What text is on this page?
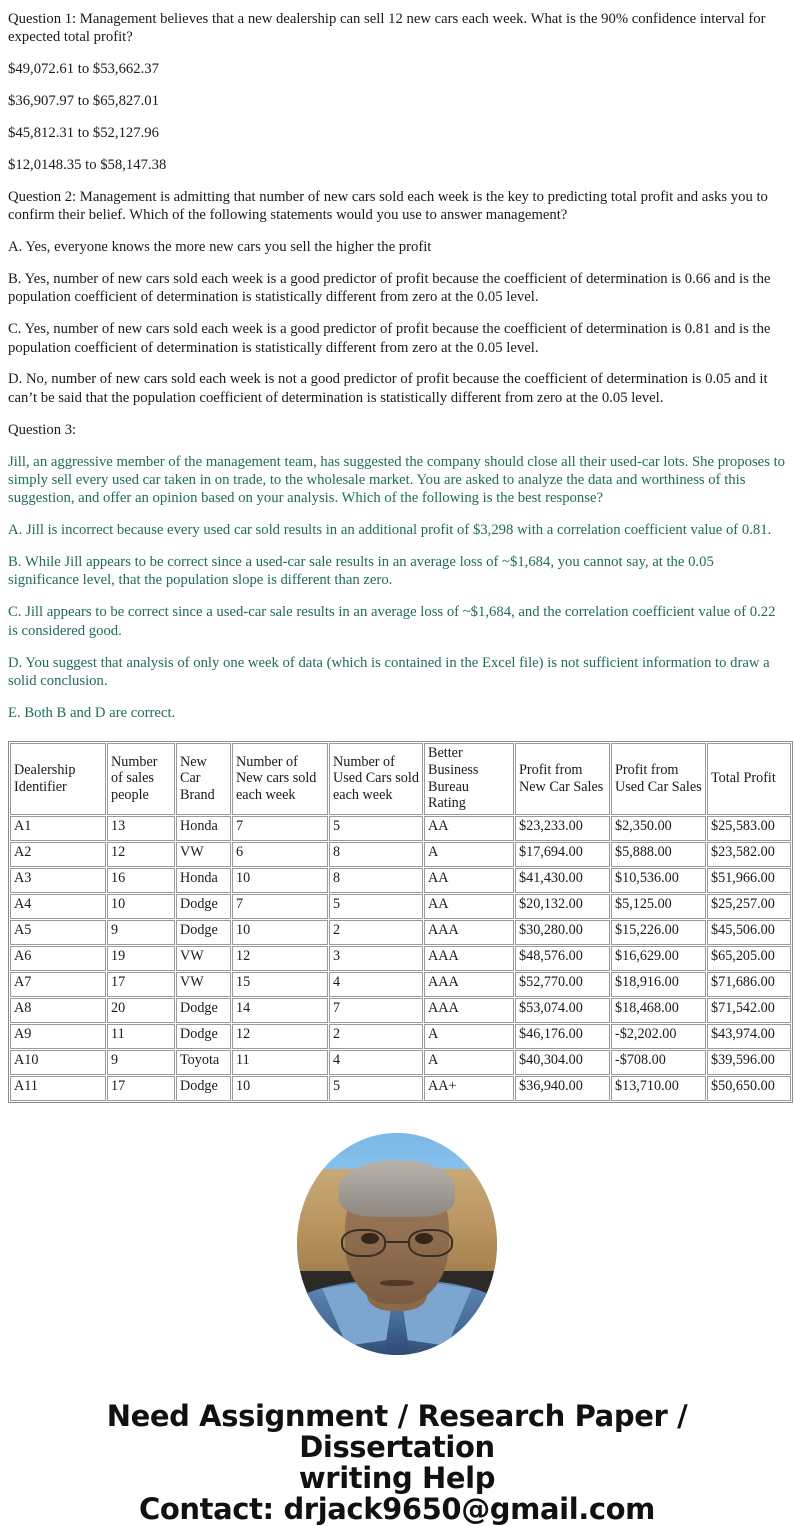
Question 1: Management believes that a new dealership can sell 12 new cars each week. What is the 90% confidence interval for expected total profit?

$49,072.61 to $53,662.37

$36,907.97 to $65,827.01

$45,812.31 to $52,127.96

$12,0148.35 to $58,147.38

Question 2: Management is admitting that number of new cars sold each week is the key to predicting total profit and asks you to confirm their belief. Which of the following statements would you use to answer management?

A. Yes, everyone knows the more new cars you sell the higher the profit

B. Yes, number of new cars sold each week is a good predictor of profit because the coefficient of determination is 0.66 and is the population coefficient of determination is statistically different from zero at the 0.05 level.

C. Yes, number of new cars sold each week is a good predictor of profit because the coefficient of determination is 0.81 and is the population coefficient of determination is statistically different from zero at the 0.05 level.

D. No, number of new cars sold each week is not a good predictor of profit because the coefficient of determination is 0.05 and it can’t be said that the population coefficient of determination is statistically different from zero at the 0.05 level.

Question 3:

Jill, an aggressive member of the management team, has suggested the company should close all their used-car lots. She proposes to simply sell every used car taken in on trade, to the wholesale market. You are asked to analyze the data and worthiness of this suggestion, and offer an opinion based on your analysis. Which of the following is the best response?

A. Jill is incorrect because every used car sold results in an additional profit of $3,298 with a correlation coefficient value of 0.81.

B. While Jill appears to be correct since a used-car sale results in an average loss of ~$1,684, you cannot say, at the 0.05 significance level, that the population slope is different than zero.

C. Jill appears to be correct since a used-car sale results in an average loss of ~$1,684, and the correlation coefficient value of 0.22 is considered good.

D. You suggest that analysis of only one week of data (which is contained in the Excel file) is not sufficient information to draw a solid conclusion.

E. Both B and D are correct.

Dealership Identifier	Number of sales people	New Car Brand	Number of New cars sold each week	Number of Used Cars sold each week	Better Business Bureau Rating	Profit from New Car Sales	Profit from Used Car Sales	Total Profit
A1	13	Honda	7	5	AA	$23,233.00	$2,350.00	$25,583.00
A2	12	VW	6	8	A	$17,694.00	$5,888.00	$23,582.00
A3	16	Honda	10	8	AA	$41,430.00	$10,536.00	$51,966.00
A4	10	Dodge	7	5	AA	$20,132.00	$5,125.00	$25,257.00
A5	9	Dodge	10	2	AAA	$30,280.00	$15,226.00	$45,506.00
A6	19	VW	12	3	AAA	$48,576.00	$16,629.00	$65,205.00
A7	17	VW	15	4	AAA	$52,770.00	$18,916.00	$71,686.00
A8	20	Dodge	14	7	AAA	$53,074.00	$18,468.00	$71,542.00
A9	11	Dodge	12	2	A	$46,176.00	-$2,202.00	$43,974.00
A10	9	Toyota	11	4	A	$40,304.00	-$708.00	$39,596.00
A11	17	Dodge	10	5	AA+	$36,940.00	$13,710.00	$50,650.00
Need Assignment / Research Paper / Dissertation
writing Help
Contact: drjack9650@gmail.com
